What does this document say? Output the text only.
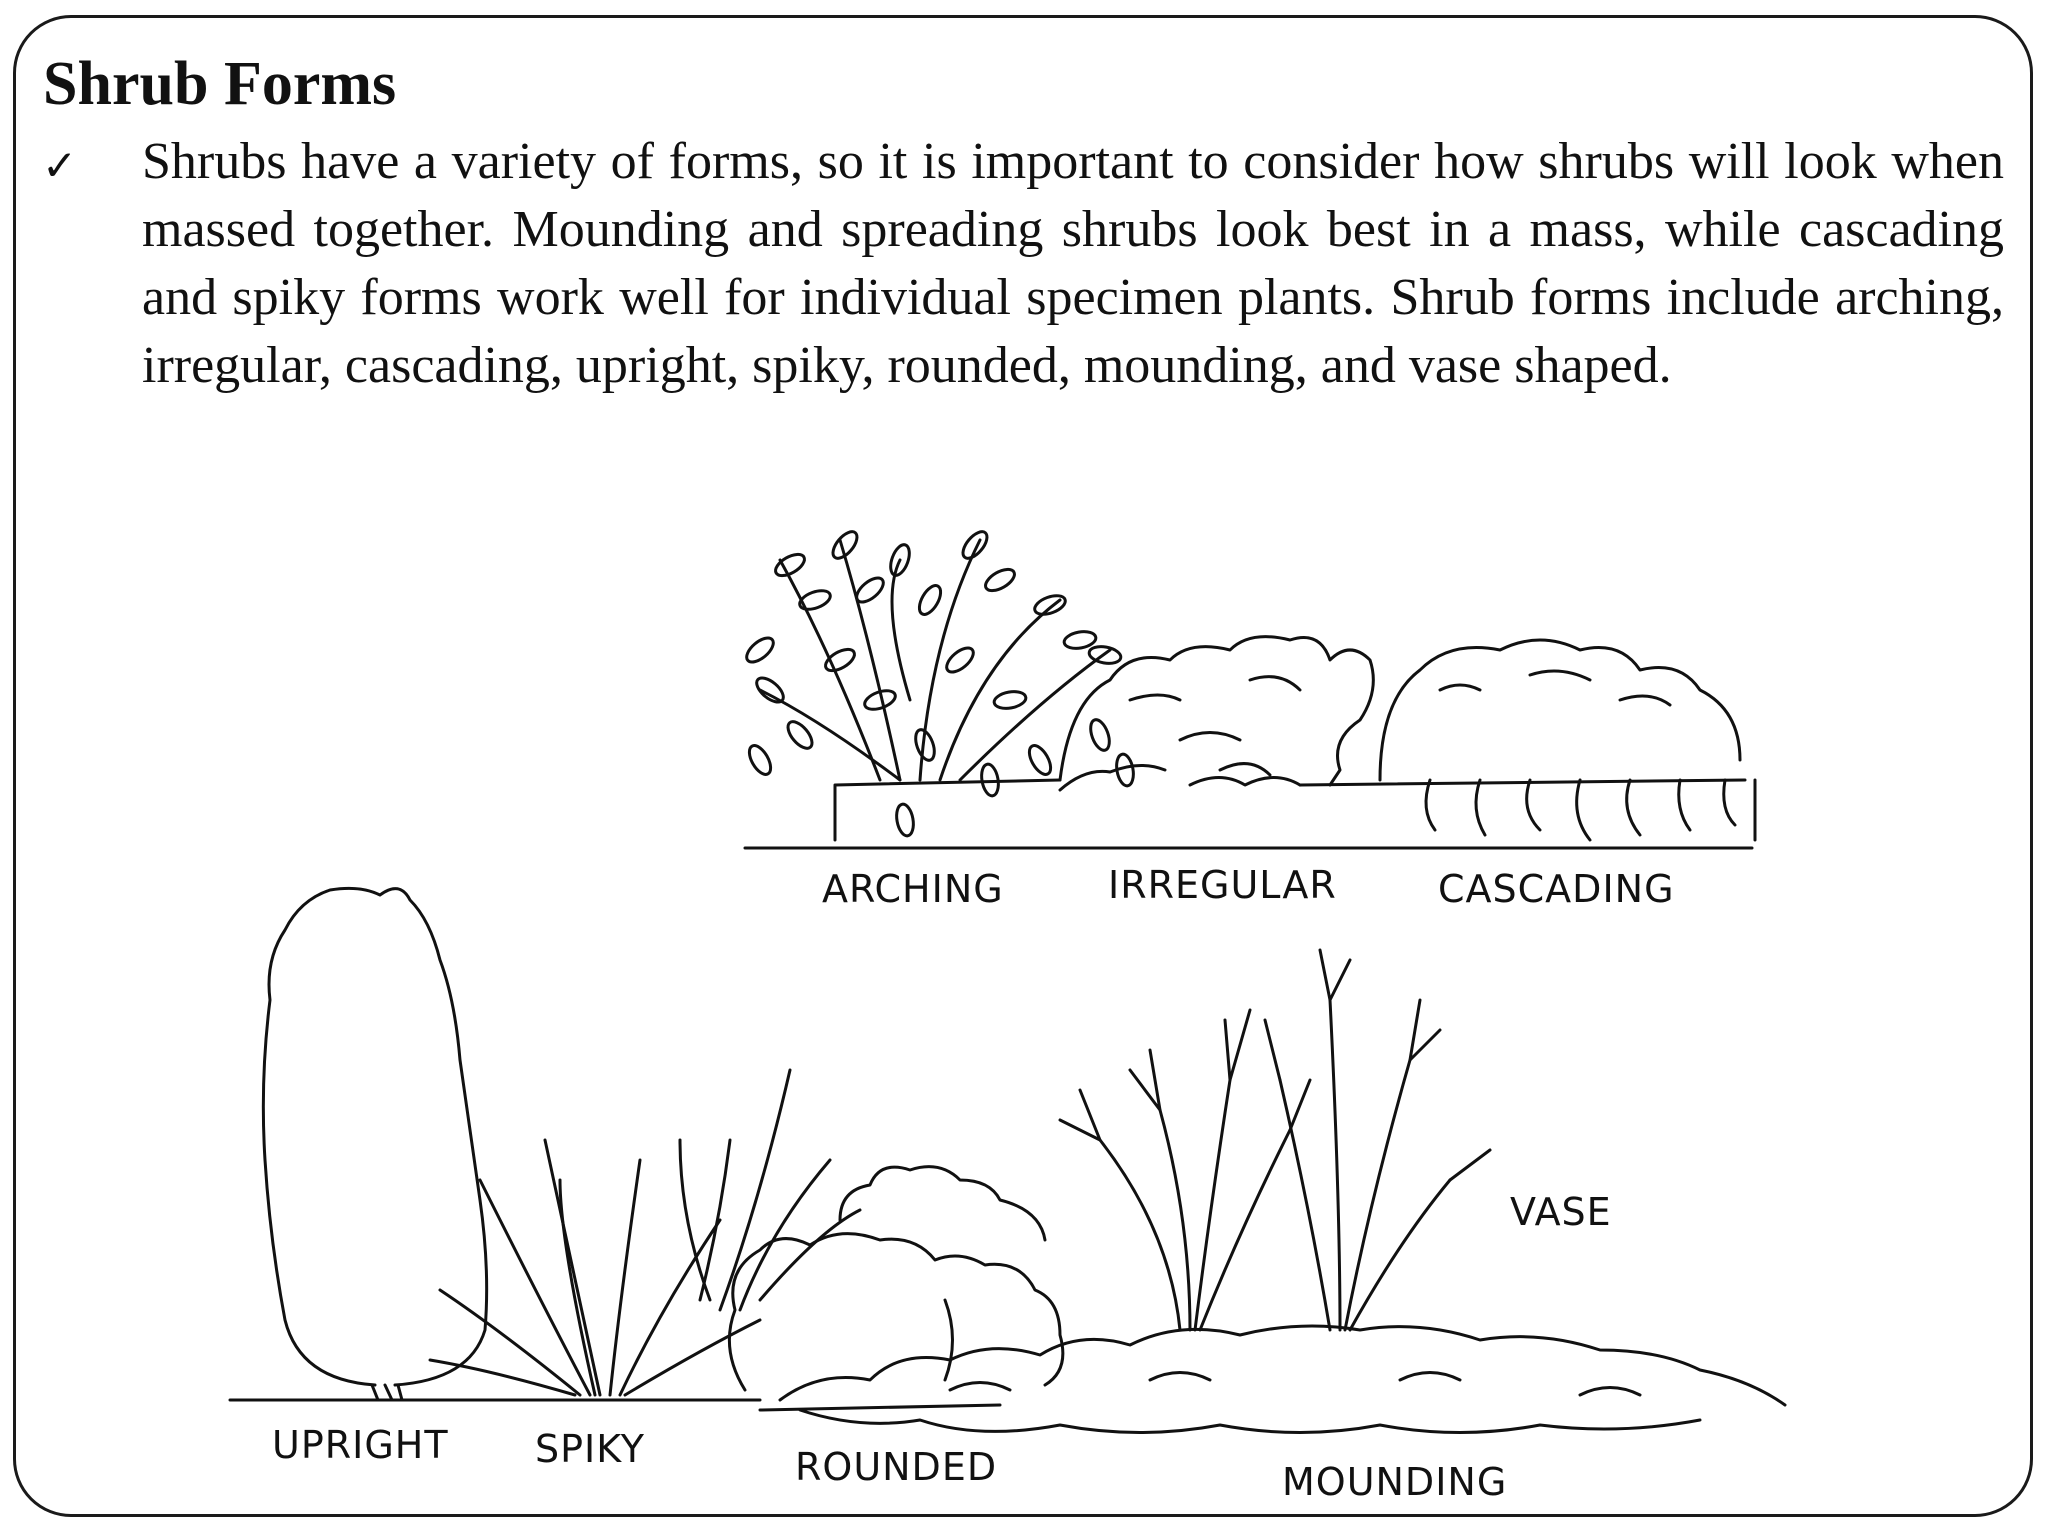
Shrub Forms
✓ Shrubs have a variety of forms, so it is important to consider how shrubs will look when massed together. Mounding and spreading shrubs look best in a mass, while cascading and spiky forms work well for individual specimen plants. Shrub forms include arching, irregular, cascading, upright, spiky, rounded, mounding, and vase shaped.

ARCHING	IRREGULAR	CASCADING
UPRIGHT SPIKY	ROUNDED	MOUNDING
VASE
